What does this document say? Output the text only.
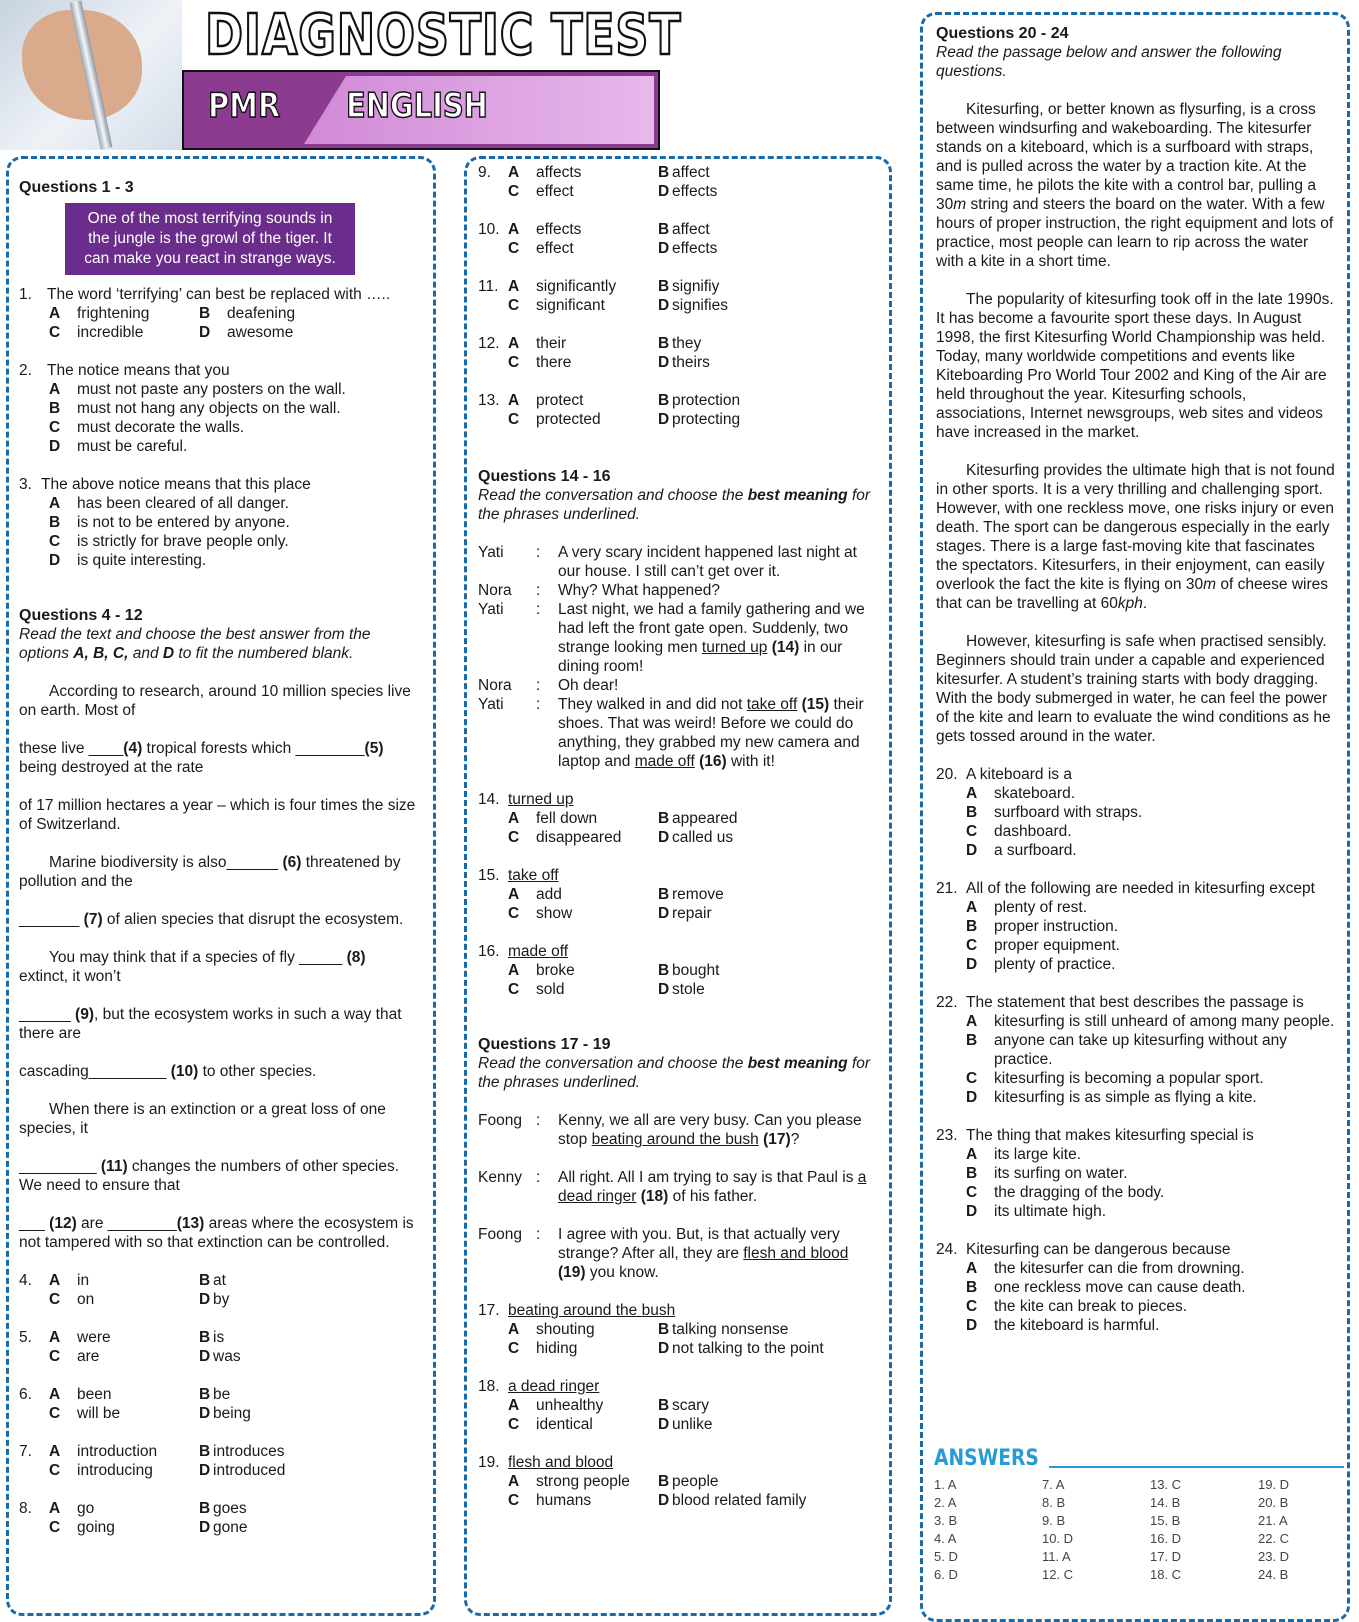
DIAGNOSTIC TEST
PMR ENGLISH
Questions 1 - 3
One of the most terrifying sounds in the jungle is the growl of the tiger. It can make you react in strange ways.
1. The word ‘terrifying’ can best be replaced with …..
A	frightening	B	deafening
C	incredible	D	awesome
2. The notice means that you
A	must not paste any posters on the wall.
B	must not hang any objects on the wall.
C	must decorate the walls.
D	must be careful.
3. The above notice means that this place
A	has been cleared of all danger.
B	is not to be entered by anyone.
C	is strictly for brave people only.
D	is quite interesting.
Questions 4 - 12
Read the text and choose the best answer from the options A, B, C, and D to fit the numbered blank.
According to research, around 10 million species live on earth. Most of
these live ____(4) tropical forests which ________(5)
being destroyed at the rate
of 17 million hectares a year – which is four times the size of Switzerland.
Marine biodiversity is also______ (6) threatened by pollution and the
_______ (7) of alien species that disrupt the ecosystem.
You may think that if a species of fly _____ (8)
extinct, it won’t
______ (9), but the ecosystem works in such a way that there are
cascading_________ (10) to other species.
When there is an extinction or a great loss of one species, it
_________ (11) changes the numbers of other species. We need to ensure that
___ (12) are ________(13) areas where the ecosystem is not tampered with so that extinction can be controlled.
4.	A in	B at
C on	D by
5.	A were	B is
C are	D was
6.	A been	B be
C will be	D being
7.	A introduction	B introduces
C introducing	D introduced
8.	A go	B goes
C going	D gone
9.	A affects	B affect
C effect	D effects
10. A effects	B affect
C effect	D effects
11. A significantly	B signifiy
C significant	D signifies
12. A their	B they
C there	D theirs
13. A protect	B protection
C protected	D protecting
Questions 14 - 16
Read the conversation and choose the best meaning for the phrases underlined.
Yati	:	A very scary incident happened last night at our house. I still can’t get over it.
Nora	:	Why? What happened?
Yati	:	Last night, we had a family gathering and we had left the front gate open. Suddenly, two strange looking men turned up (14) in our dining room!
Nora	:	Oh dear!
Yati	:	They walked in and did not take off (15) their shoes. That was weird! Before we could do anything, they grabbed my new camera and laptop and made off (16) with it!
14. turned up
A fell down	B appeared
C disappeared	D called us
15. take off
A add	B remove
C show	D repair
16. made off
A broke	B bought
C sold	D stole
Questions 17 - 19
Read the conversation and choose the best meaning for the phrases underlined.
Foong :	Kenny, we all are very busy. Can you please stop beating around the bush (17)?
Kenny :	All right. All I am trying to say is that Paul is a dead ringer (18) of his father.
Foong :	I agree with you. But, is that actually very strange? After all, they are flesh and blood (19) you know.
17. beating around the bush
A shouting	B talking nonsense
C hiding	D not talking to the point
18. a dead ringer
A unhealthy	B scary
C identical	D unlike
19. flesh and blood
A strong people	B people
C humans	D blood related family
Questions 20 - 24
Read the passage below and answer the following questions.
Kitesurfing, or better known as flysurfing, is a cross between windsurfing and wakeboarding. The kitesurfer stands on a kiteboard, which is a surfboard with straps, and is pulled across the water by a traction kite. At the same time, he pilots the kite with a control bar, pulling a 30m string and steers the board on the water. With a few hours of proper instruction, the right equipment and lots of practice, most people can learn to rip across the water with a kite in a short time.
The popularity of kitesurfing took off in the late 1990s. It has become a favourite sport these days. In August 1998, the first Kitesurfing World Championship was held. Today, many worldwide competitions and events like Kiteboarding Pro World Tour 2002 and King of the Air are held throughout the year. Kitesurfing schools, associations, Internet newsgroups, web sites and videos have increased in the market.
Kitesurfing provides the ultimate high that is not found in other sports. It is a very thrilling and challenging sport. However, with one reckless move, one risks injury or even death. The sport can be dangerous especially in the early stages. There is a large fast-moving kite that fascinates the spectators. Kitesurfers, in their enjoyment, can easily overlook the fact the kite is flying on 30m of cheese wires that can be travelling at 60kph.
However, kitesurfing is safe when practised sensibly. Beginners should train under a capable and experienced kitesurfer. A student’s training starts with body dragging. With the body submerged in water, he can feel the power of the kite and learn to evaluate the wind conditions as he gets tossed around in the water.
20. A kiteboard is a
A	skateboard.
B	surfboard with straps.
C	dashboard.
D	a surfboard.
21. All of the following are needed in kitesurfing except
A	plenty of rest.
B	proper instruction.
C	proper equipment.
D	plenty of practice.
22. The statement that best describes the passage is
A	kitesurfing is still unheard of among many people.
B	anyone can take up kitesurfing without any practice.
C	kitesurfing is becoming a popular sport.
D	kitesurfing is as simple as flying a kite.
23. The thing that makes kitesurfing special is
A	its large kite.
B	its surfing on water.
C	the dragging of the body.
D	its ultimate high.
24. Kitesurfing can be dangerous because
A	the kitesurfer can die from drowning.
B	one reckless move can cause death.
C	the kite can break to pieces.
D	the kiteboard is harmful.
ANSWERS
1. A	7. A	13. C	19. D
2. A	8. B	14. B	20. B
3. B	9. B	15. B	21. A
4. A	10. D	16. D	22. C
5. D	11. A	17. D	23. D
6. D	12. C	18. C	24. B
